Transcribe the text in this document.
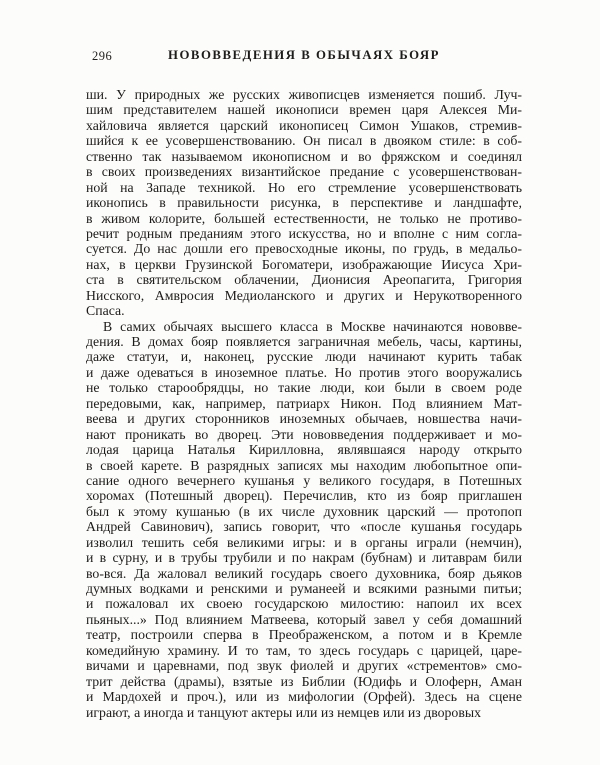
296	НОВОВВЕДЕНИЯ В ОБЫЧАЯХ БОЯР
ши. У природных же русских живописцев изменяется пошиб. Луч-
шим представителем нашей иконописи времен царя Алексея Ми-
хайловича является царский иконописец Симон Ушаков, стремив-
шийся к ее усовершенствованию. Он писал в двояком стиле: в соб-
ственно так называемом иконописном и во фряжском и соединял
в своих произведениях византийское предание с усовершенствован-
ной на Западе техникой. Но его стремление усовершенствовать
иконопись в правильности рисунка, в перспективе и ландшафте,
в живом колорите, большей естественности, не только не противо-
речит родным преданиям этого искусства, но и вполне с ним согла-
суется. До нас дошли его превосходные иконы, по грудь, в медальо-
нах, в церкви Грузинской Богоматери, изображающие Иисуса Хри-
ста в святительском облачении, Дионисия Ареопагита, Григория
Нисского, Амвросия Медиоланского и других и Нерукотворенного
Спаса.
В самих обычаях высшего класса в Москве начинаются нововве-
дения. В домах бояр появляется заграничная мебель, часы, картины,
даже статуи, и, наконец, русские люди начинают курить табак
и даже одеваться в иноземное платье. Но против этого вооружались
не только старообрядцы, но такие люди, кои были в своем роде
передовыми, как, например, патриарх Никон. Под влиянием Мат-
веева и других сторонников иноземных обычаев, новшества начи-
нают проникать во дворец. Эти нововведения поддерживает и мо-
лодая царица Наталья Кирилловна, являвшаяся народу открыто
в своей карете. В разрядных записях мы находим любопытное опи-
сание одного вечернего кушанья у великого государя, в Потешных
хоромах (Потешный дворец). Перечислив, кто из бояр приглашен
был к этому кушанью (в их числе духовник царский — протопоп
Андрей Савинович), запись говорит, что «после кушанья государь
изволил тешить себя великими игры: и в органы играли (немчин),
и в сурну, и в трубы трубили и по накрам (бубнам) и литаврам били
во-вся. Да жаловал великий государь своего духовника, бояр дьяков
думных водками и ренскими и руманеей и всякими разными питьи;
и пожаловал их своею государскою милостию: напоил их всех
пьяных...» Под влиянием Матвеева, который завел у себя домашний
театр, построили сперва в Преображенском, а потом и в Кремле
комедийную храмину. И то там, то здесь государь с царицей, царе-
вичами и царевнами, под звук фиолей и других «стрементов» смо-
трит действа (драмы), взятые из Библии (Юдифь и Олоферн, Аман
и Мардохей и проч.), или из мифологии (Орфей). Здесь на сцене
играют, а иногда и танцуют актеры или из немцев или из дворовых
